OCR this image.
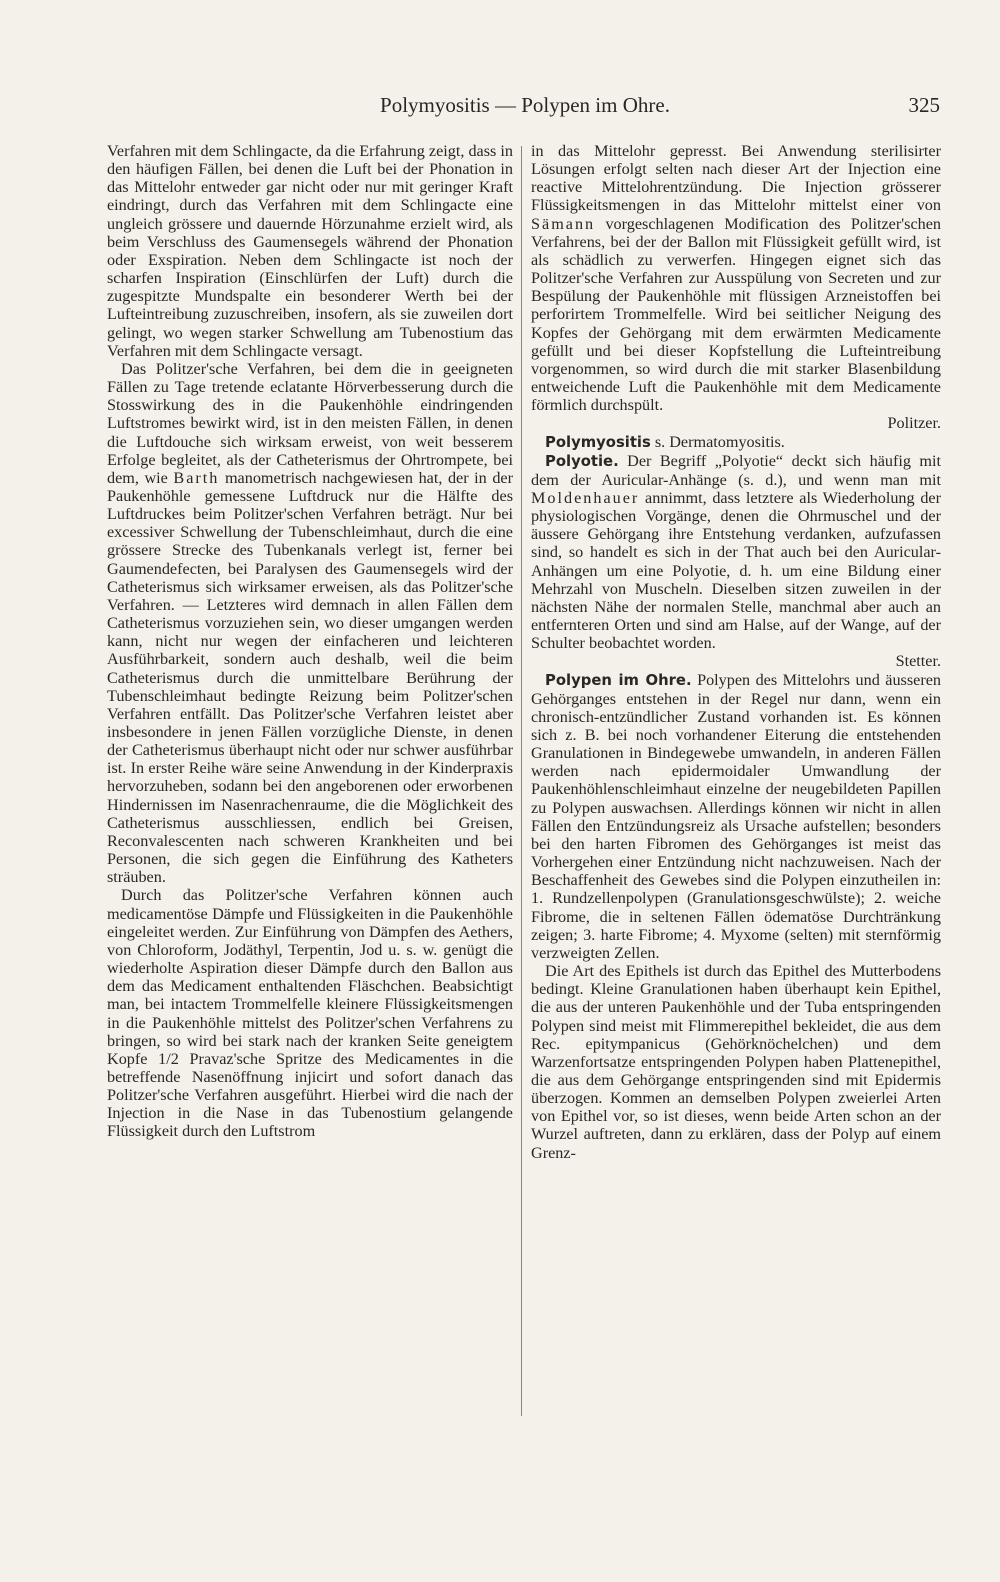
Polymyositis — Polypen im Ohre.	325

Verfahren mit dem Schlingacte, da die Erfahrung zeigt, dass in den häufigen Fällen, bei denen die Luft bei der Phonation in das Mittelohr entweder gar nicht oder nur mit geringer Kraft eindringt, durch das Verfahren mit dem Schlingacte eine ungleich grössere und dauernde Hörzunahme erzielt wird, als beim Verschluss des Gaumensegels während der Phonation oder Exspiration. Neben dem Schlingacte ist noch der scharfen Inspiration (Einschlürfen der Luft) durch die zugespitzte Mundspalte ein besonderer Werth bei der Lufteintreibung zuzuschreiben, insofern, als sie zuweilen dort gelingt, wo wegen starker Schwellung am Tubenostium das Verfahren mit dem Schlingacte versagt.

Das Politzer'sche Verfahren, bei dem die in geeigneten Fällen zu Tage tretende eclatante Hörverbesserung durch die Stosswirkung des in die Paukenhöhle eindringenden Luftstromes bewirkt wird, ist in den meisten Fällen, in denen die Luftdouche sich wirksam erweist, von weit besserem Erfolge begleitet, als der Catheterismus der Ohrtrompete, bei dem, wie Barth manometrisch nachgewiesen hat, der in der Paukenhöhle gemessene Luftdruck nur die Hälfte des Luftdruckes beim Politzer'schen Verfahren beträgt. Nur bei excessiver Schwellung der Tubenschleimhaut, durch die eine grössere Strecke des Tubenkanals verlegt ist, ferner bei Gaumendefecten, bei Paralysen des Gaumensegels wird der Catheterismus sich wirksamer erweisen, als das Politzer'sche Verfahren. — Letzteres wird demnach in allen Fällen dem Catheterismus vorzuziehen sein, wo dieser umgangen werden kann, nicht nur wegen der einfacheren und leichteren Ausführbarkeit, sondern auch deshalb, weil die beim Catheterismus durch die unmittelbare Berührung der Tubenschleimhaut bedingte Reizung beim Politzer'schen Verfahren entfällt. Das Politzer'sche Verfahren leistet aber insbesondere in jenen Fällen vorzügliche Dienste, in denen der Catheterismus überhaupt nicht oder nur schwer ausführbar ist. In erster Reihe wäre seine Anwendung in der Kinderpraxis hervorzuheben, sodann bei den angeborenen oder erworbenen Hindernissen im Nasenrachenraume, die die Möglichkeit des Catheterismus ausschliessen, endlich bei Greisen, Reconvalescenten nach schweren Krankheiten und bei Personen, die sich gegen die Einführung des Katheters sträuben.

Durch das Politzer'sche Verfahren können auch medicamentöse Dämpfe und Flüssigkeiten in die Paukenhöhle eingeleitet werden. Zur Einführung von Dämpfen des Aethers, von Chloroform, Jodäthyl, Terpentin, Jod u. s. w. genügt die wiederholte Aspiration dieser Dämpfe durch den Ballon aus dem das Medicament enthaltenden Fläschchen. Beabsichtigt man, bei intactem Trommelfelle kleinere Flüssigkeitsmengen in die Paukenhöhle mittelst des Politzer'schen Verfahrens zu bringen, so wird bei stark nach der kranken Seite geneigtem Kopfe 1/2 Pravaz'sche Spritze des Medicamentes in die betreffende Nasenöffnung injicirt und sofort danach das Politzer'sche Verfahren ausgeführt. Hierbei wird die nach der Injection in die Nase in das Tubenostium gelangende Flüssigkeit durch den Luftstrom

in das Mittelohr gepresst. Bei Anwendung sterilisirter Lösungen erfolgt selten nach dieser Art der Injection eine reactive Mittelohrentzündung. Die Injection grösserer Flüssigkeitsmengen in das Mittelohr mittelst einer von Sämann vorgeschlagenen Modification des Politzer'schen Verfahrens, bei der der Ballon mit Flüssigkeit gefüllt wird, ist als schädlich zu verwerfen. Hingegen eignet sich das Politzer'sche Verfahren zur Ausspülung von Secreten und zur Bespülung der Paukenhöhle mit flüssigen Arzneistoffen bei perforirtem Trommelfelle. Wird bei seitlicher Neigung des Kopfes der Gehörgang mit dem erwärmten Medicamente gefüllt und bei dieser Kopfstellung die Lufteintreibung vorgenommen, so wird durch die mit starker Blasenbildung entweichende Luft die Paukenhöhle mit dem Medicamente förmlich durchspült.

Politzer.

Polymyositis s. Dermatomyositis.

Polyotie. Der Begriff „Polyotie“ deckt sich häufig mit dem der Auricular-Anhänge (s. d.), und wenn man mit Moldenhauer annimmt, dass letztere als Wiederholung der physiologischen Vorgänge, denen die Ohrmuschel und der äussere Gehörgang ihre Entstehung verdanken, aufzufassen sind, so handelt es sich in der That auch bei den Auricular-Anhängen um eine Polyotie, d. h. um eine Bildung einer Mehrzahl von Muscheln. Dieselben sitzen zuweilen in der nächsten Nähe der normalen Stelle, manchmal aber auch an entfernteren Orten und sind am Halse, auf der Wange, auf der Schulter beobachtet worden.

Stetter.

Polypen im Ohre. Polypen des Mittelohrs und äusseren Gehörganges entstehen in der Regel nur dann, wenn ein chronisch-entzündlicher Zustand vorhanden ist. Es können sich z. B. bei noch vorhandener Eiterung die entstehenden Granulationen in Bindegewebe umwandeln, in anderen Fällen werden nach epidermoidaler Umwandlung der Paukenhöhlenschleimhaut einzelne der neugebildeten Papillen zu Polypen auswachsen. Allerdings können wir nicht in allen Fällen den Entzündungsreiz als Ursache aufstellen; besonders bei den harten Fibromen des Gehörganges ist meist das Vorhergehen einer Entzündung nicht nachzuweisen. Nach der Beschaffenheit des Gewebes sind die Polypen einzutheilen in: 1. Rundzellenpolypen (Granulationsgeschwülste); 2. weiche Fibrome, die in seltenen Fällen ödematöse Durchtränkung zeigen; 3. harte Fibrome; 4. Myxome (selten) mit sternförmig verzweigten Zellen.

Die Art des Epithels ist durch das Epithel des Mutterbodens bedingt. Kleine Granulationen haben überhaupt kein Epithel, die aus der unteren Paukenhöhle und der Tuba entspringenden Polypen sind meist mit Flimmerepithel bekleidet, die aus dem Rec. epitympanicus (Gehörknöchelchen) und dem Warzenfortsatze entspringenden Polypen haben Plattenepithel, die aus dem Gehörgange entspringenden sind mit Epidermis überzogen. Kommen an demselben Polypen zweierlei Arten von Epithel vor, so ist dieses, wenn beide Arten schon an der Wurzel auftreten, dann zu erklären, dass der Polyp auf einem Grenz-
